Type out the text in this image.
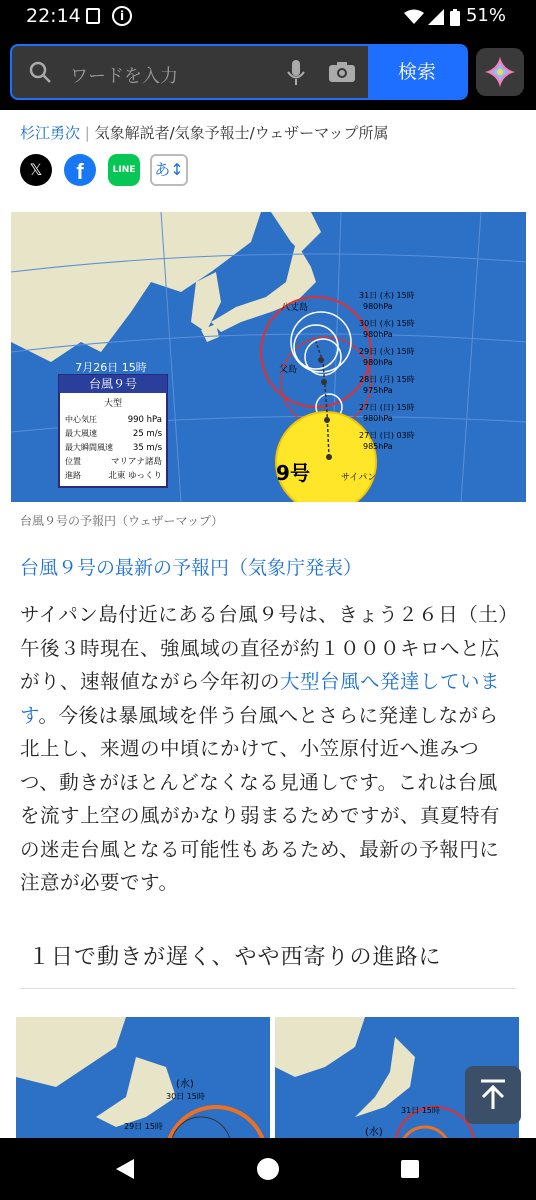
22:14	i	51%
ワードを入力	検索
杉江勇次 | 気象解説者/気象予報士/ウェザーマップ所属
𝕏	f	LINE あ↕
台風９号
大型
中心気圧	990 hPa
最大風速	25 m/s
最大瞬間風速 35 m/s
位置	マリアナ諸島
進路	北東 ゆっくり
7月26日 15時
9号
八丈島
父島
サイパン
31日 (木) 15時
980hPa
30日 (水) 15時
980hPa
29日 (火) 15時
980hPa
28日 (月) 15時
975hPa
27日 (日) 15時
980hPa
27日 (日) 03時
985hPa
台風９号の予報円（ウェザーマップ）
台風９号の最新の予報円（気象庁発表）
サイパン島付近にある台風９号は、きょう２６日（土）午後３時現在、強風域の直径が約１０００キロへと広がり、速報値ながら今年初の大型台風へ発達しています。今後は暴風域を伴う台風へとさらに発達しながら北上し、来週の中頃にかけて、小笠原付近へ進みつつ、動きがほとんどなくなる見通しです。これは台風を流す上空の風がかなり弱まるためですが、真夏特有の迷走台風となる可能性もあるため、最新の予報円に注意が必要です。
１日で動きが遅く、やや西寄りの進路に
(水)
30日 15時
29日 15時
31日 15時
(水)
